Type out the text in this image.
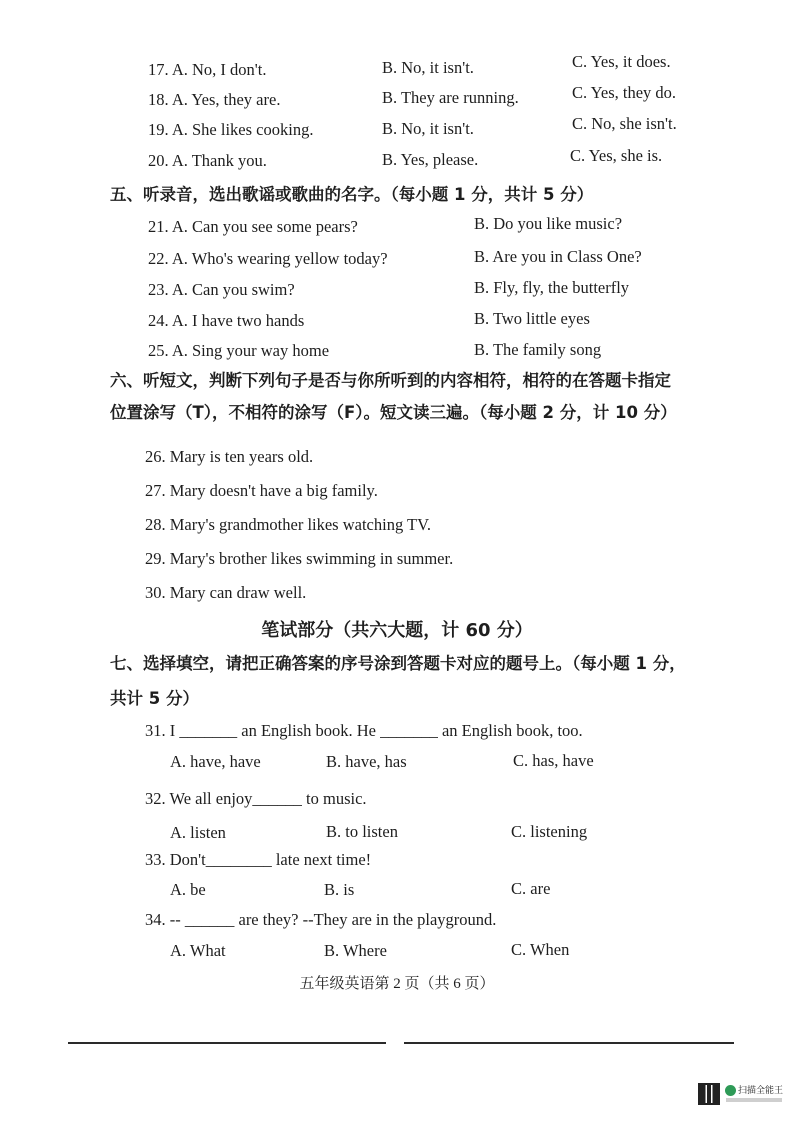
17. A. No, I don't.	B. No, it isn't.	C. Yes, it does.
18. A. Yes, they are.	B. They are running.	C. Yes, they do.
19. A. She likes cooking.	B. No, it isn't.	C. No, she isn't.
20. A. Thank you.	B. Yes, please.	C. Yes, she is.
五、听录音，选出歌谣或歌曲的名字。（每小题 1 分，共计 5 分）
21. A. Can you see some pears?	B. Do you like music?
22. A. Who's wearing yellow today?	B. Are you in Class One?
23. A. Can you swim?	B. Fly, fly, the butterfly
24. A. I have two hands	B. Two little eyes
25. A. Sing your way home	B. The family song
六、听短文，判断下列句子是否与你所听到的内容相符，相符的在答题卡指定
位置涂写（T），不相符的涂写（F）。短文读三遍。（每小题 2 分，计 10 分）
26. Mary is ten years old.
27. Mary doesn't have a big family.
28. Mary's grandmother likes watching TV.
29. Mary's brother likes swimming in summer.
30. Mary can draw well.
笔试部分（共六大题，计 60 分）
七、选择填空，请把正确答案的序号涂到答题卡对应的题号上。（每小题 1 分，
共计 5 分）
31. I _______ an English book. He _______ an English book, too.
A. have, have	B. have, has	C. has, have
32. We all enjoy______ to music.
A. listen	B. to listen	C. listening
33. Don't________ late next time!
A. be	B. is	C. are
34. -- ______ are they? --They are in the playground.
A. What	B. Where	C. When
五年级英语第 2 页（共 6 页）
扫描全能王
